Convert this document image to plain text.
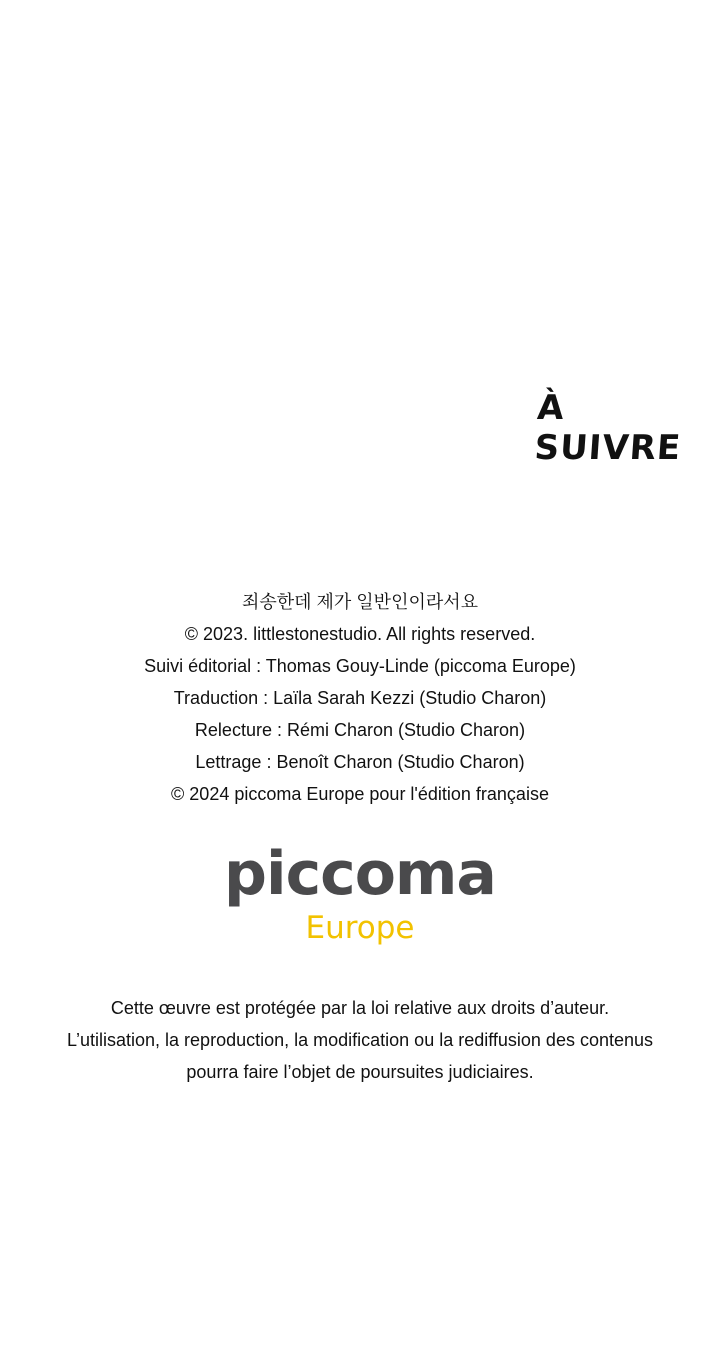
À SUIVRE
죄송한데 제가 일반인이라서요
© 2023. littlestonestudio. All rights reserved.
Suivi éditorial : Thomas Gouy-Linde (piccoma Europe)
Traduction : Laïla Sarah Kezzi (Studio Charon)
Relecture : Rémi Charon (Studio Charon)
Lettrage : Benoît Charon (Studio Charon)
© 2024 piccoma Europe pour l'édition française
piccoma
Europe
Cette œuvre est protégée par la loi relative aux droits d’auteur.
L’utilisation, la reproduction, la modification ou la rediffusion des contenus
pourra faire l’objet de poursuites judiciaires.
